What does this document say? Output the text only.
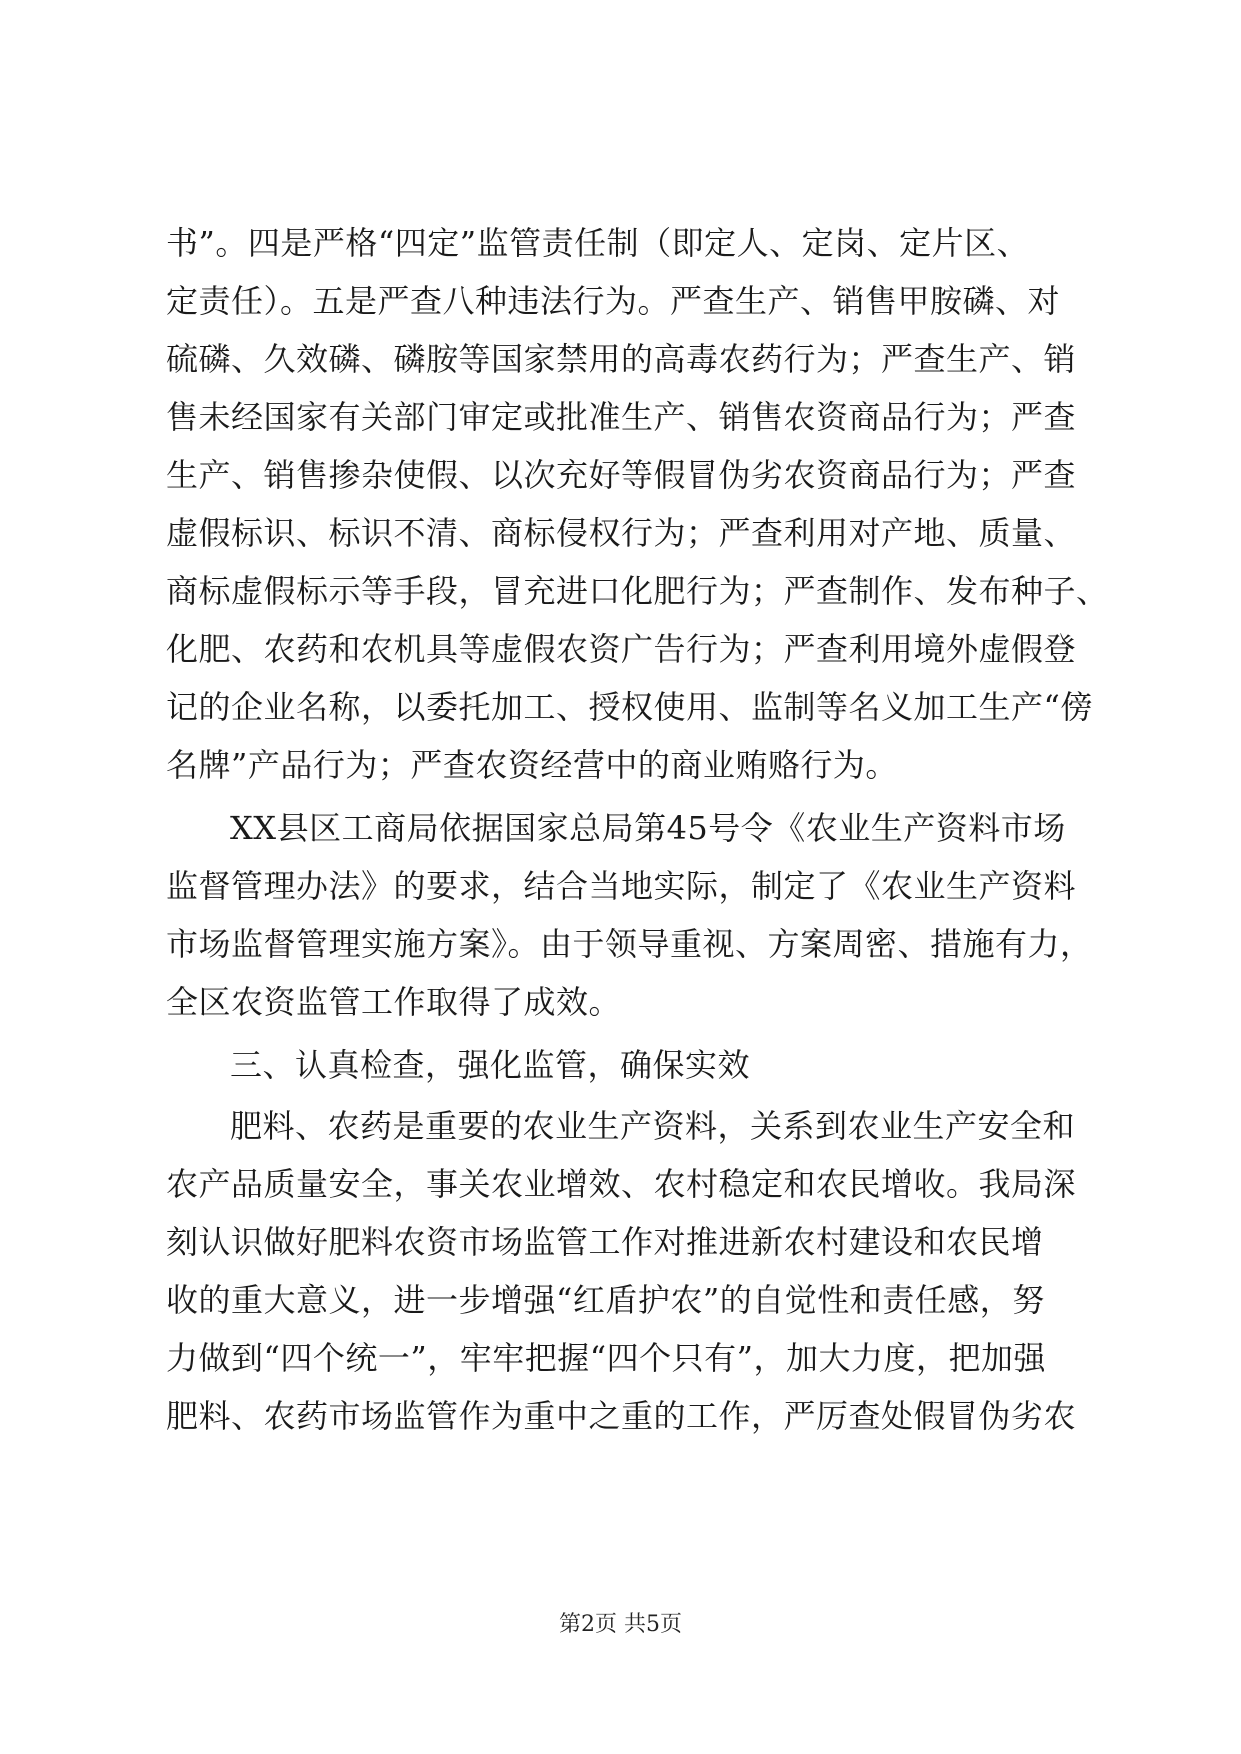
书”。四是严格“四定”监管责任制（即定人、定岗、定片区、
定责任）。五是严查八种违法行为。严查生产、销售甲胺磷、对
硫磷、久效磷、磷胺等国家禁用的高毒农药行为；严查生产、销
售未经国家有关部门审定或批准生产、销售农资商品行为；严查
生产、销售掺杂使假、以次充好等假冒伪劣农资商品行为；严查
虚假标识、标识不清、商标侵权行为；严查利用对产地、质量、
商标虚假标示等手段，冒充进口化肥行为；严查制作、发布种子、
化肥、农药和农机具等虚假农资广告行为；严查利用境外虚假登
记的企业名称，以委托加工、授权使用、监制等名义加工生产“傍
名牌”产品行为；严查农资经营中的商业贿赂行为。
XX县区工商局依据国家总局第45号令《农业生产资料市场
监督管理办法》的要求，结合当地实际，制定了《农业生产资料
市场监督管理实施方案》。由于领导重视、方案周密、措施有力，
全区农资监管工作取得了成效。
三、认真检查，强化监管，确保实效
肥料、农药是重要的农业生产资料，关系到农业生产安全和
农产品质量安全，事关农业增效、农村稳定和农民增收。我局深
刻认识做好肥料农资市场监管工作对推进新农村建设和农民增
收的重大意义，进一步增强“红盾护农”的自觉性和责任感，努
力做到“四个统一”，牢牢把握“四个只有”，加大力度，把加强
肥料、农药市场监管作为重中之重的工作，严厉查处假冒伪劣农
第2页 共5页
